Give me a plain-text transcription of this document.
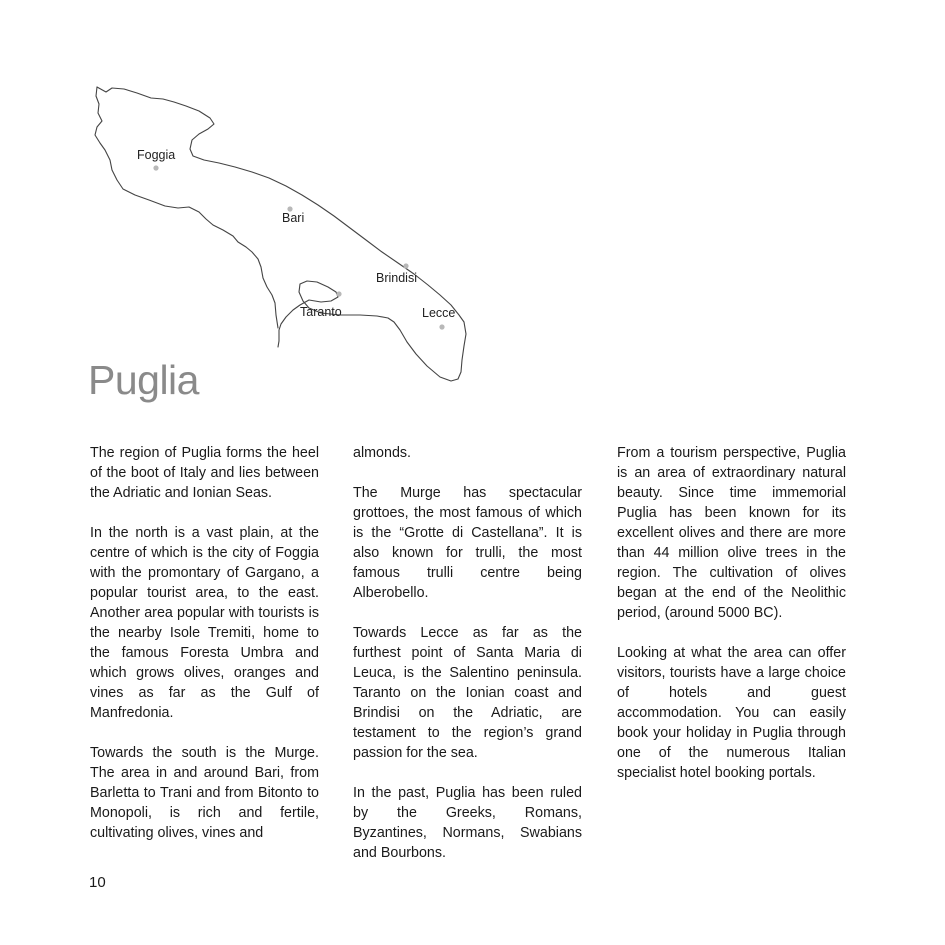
Foggia
Bari
Brindisi
Taranto	Lecce
Puglia

The region of Puglia forms the heel of the boot of Italy and lies between the Adriatic and Ionian Seas.

In the north is a vast plain, at the centre of which is the city of Foggia with the promontary of Gargano, a popular tourist area, to the east. Another area popular with tourists is the nearby Isole Tremiti, home to the famous Foresta Umbra and which grows olives, oranges and vines as far as the Gulf of Manfredonia.

Towards the south is the Murge. The area in and around Bari, from Barletta to Trani and from Bitonto to Monopoli, is rich and fertile, cultivating olives, vines and

almonds.

The Murge has spectacular grottoes, the most famous of which is the “Grotte di Castellana”. It is also known for trulli, the most famous trulli centre being Alberobello.

Towards Lecce as far as the furthest point of Santa Maria di Leuca, is the Salentino peninsula. Taranto on the Ionian coast and Brindisi on the Adriatic, are testament to the region’s grand passion for the sea.

In the past, Puglia has been ruled by the Greeks, Romans, Byzantines, Normans, Swabians and Bourbons.

From a tourism perspective, Puglia is an area of extraordinary natural beauty. Since time immemorial Puglia has been known for its excellent olives and there are more than 44 million olive trees in the region. The cultivation of olives began at the end of the Neolithic period, (around 5000 BC).

Looking at what the area can offer visitors, tourists have a large choice of hotels and guest accommodation. You can easily book your holiday in Puglia through one of the numerous Italian specialist hotel booking portals.

10
